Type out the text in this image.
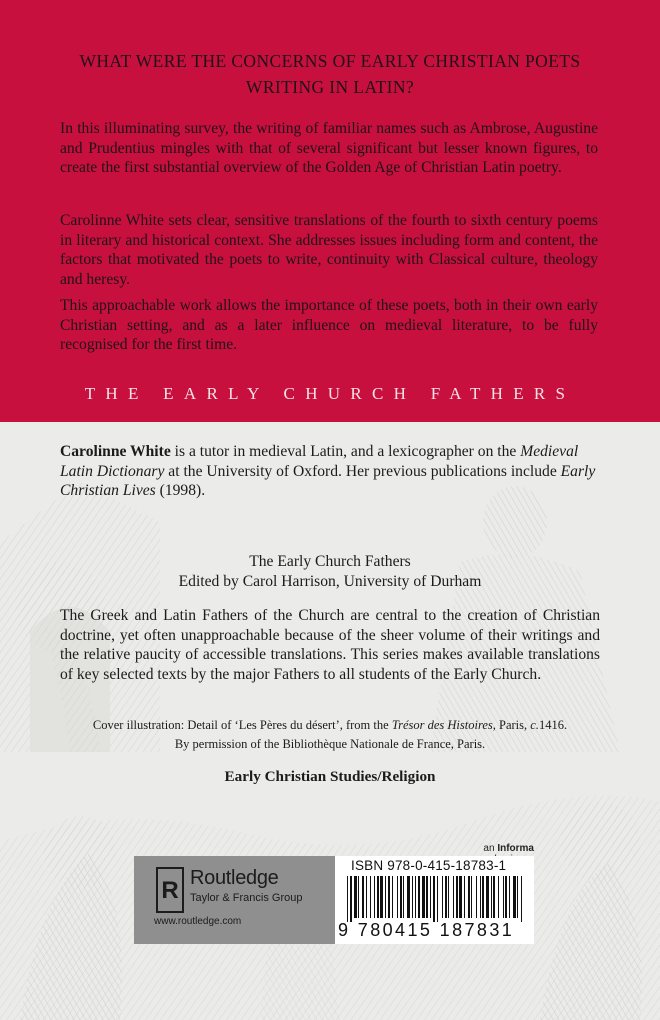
WHAT WERE THE CONCERNS OF EARLY CHRISTIAN POETS WRITING IN LATIN?

In this illuminating survey, the writing of familiar names such as Ambrose, Augustine and Prudentius mingles with that of several significant but lesser known figures, to create the first substantial overview of the Golden Age of Christian Latin poetry.

Carolinne White sets clear, sensitive translations of the fourth to sixth century poems in literary and historical context. She addresses issues including form and content, the factors that motivated the poets to write, continuity with Classical culture, theology and heresy.

This approachable work allows the importance of these poets, both in their own early Christian setting, and as a later influence on medieval literature, to be fully recognised for the first time.

THE EARLY CHURCH FATHERS

Carolinne White is a tutor in medieval Latin, and a lexicographer on the Medieval Latin Dictionary at the University of Oxford. Her previous publications include Early Christian Lives (1998).

The Early Church Fathers
Edited by Carol Harrison, University of Durham

The Greek and Latin Fathers of the Church are central to the creation of Christian doctrine, yet often unapproachable because of the sheer volume of their writings and the relative paucity of accessible translations. This series makes available translations of key selected texts by the major Fathers to all students of the Early Church.

Cover illustration: Detail of ‘Les Pères du désert’, from the Trésor des Histoires, Paris, c.1416.
By permission of the Bibliothèque Nationale de France, Paris.
Early Christian Studies/Religion
an Informa
R Routledge
Taylor & Francis Group
www.routledge.com
ISBN 978-0-415-18783-1
9 780415 187831
